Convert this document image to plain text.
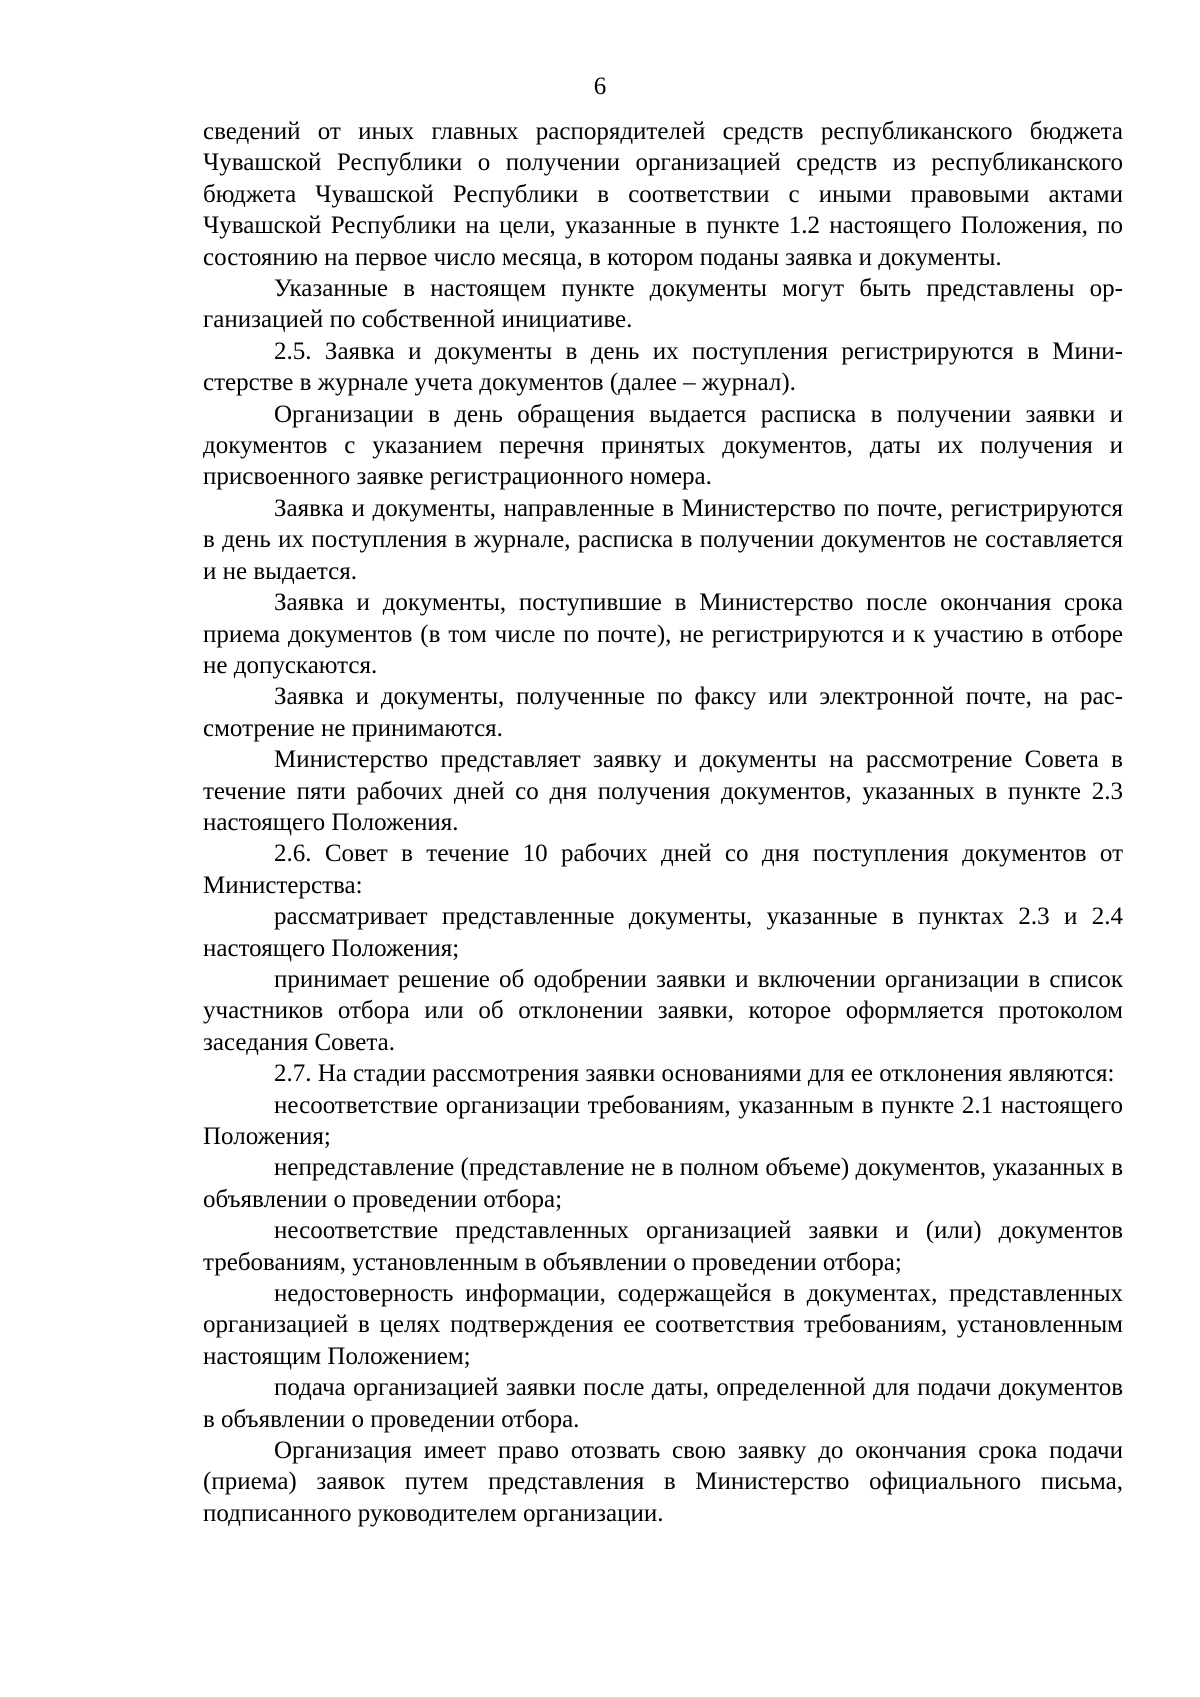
6

сведений от иных главных распорядителей средств республиканского бюджета Чувашской Республики о получении организацией средств из республиканского бюджета Чувашской Республики в соответствии с иными правовыми актами Чувашской Республики на цели, указанные в пункте 1.2 настоящего Положения, по состоянию на первое число месяца, в котором поданы заявка и документы.

Указанные в настоящем пункте документы могут быть представлены организацией по собственной инициативе.

2.5. Заявка и документы в день их поступления регистрируются в Министерстве в журнале учета документов (далее – журнал).

Организации в день обращения выдается расписка в получении заявки и документов с указанием перечня принятых документов, даты их получения и присвоенного заявке регистрационного номера.

Заявка и документы, направленные в Министерство по почте, регистрируются в день их поступления в журнале, расписка в получении документов не составляется и не выдается.

Заявка и документы, поступившие в Министерство после окончания срока приема документов (в том числе по почте), не регистрируются и к участию в отборе не допускаются.

Заявка и документы, полученные по факсу или электронной почте, на рассмотрение не принимаются.

Министерство представляет заявку и документы на рассмотрение Совета в течение пяти рабочих дней со дня получения документов, указанных в пункте 2.3 настоящего Положения.

2.6. Совет в течение 10 рабочих дней со дня поступления документов от Министерства:

рассматривает представленные документы, указанные в пунктах 2.3 и 2.4 настоящего Положения;

принимает решение об одобрении заявки и включении организации в список участников отбора или об отклонении заявки, которое оформляется протоколом заседания Совета.

2.7. На стадии рассмотрения заявки основаниями для ее отклонения являются:

несоответствие организации требованиям, указанным в пункте 2.1 настоящего Положения;

непредставление (представление не в полном объеме) документов, указанных в объявлении о проведении отбора;

несоответствие представленных организацией заявки и (или) документов требованиям, установленным в объявлении о проведении отбора;

недостоверность информации, содержащейся в документах, представленных организацией в целях подтверждения ее соответствия требованиям, установленным настоящим Положением;

подача организацией заявки после даты, определенной для подачи документов в объявлении о проведении отбора.

Организация имеет право отозвать свою заявку до окончания срока подачи (приема) заявок путем представления в Министерство официального письма, подписанного руководителем организации.
